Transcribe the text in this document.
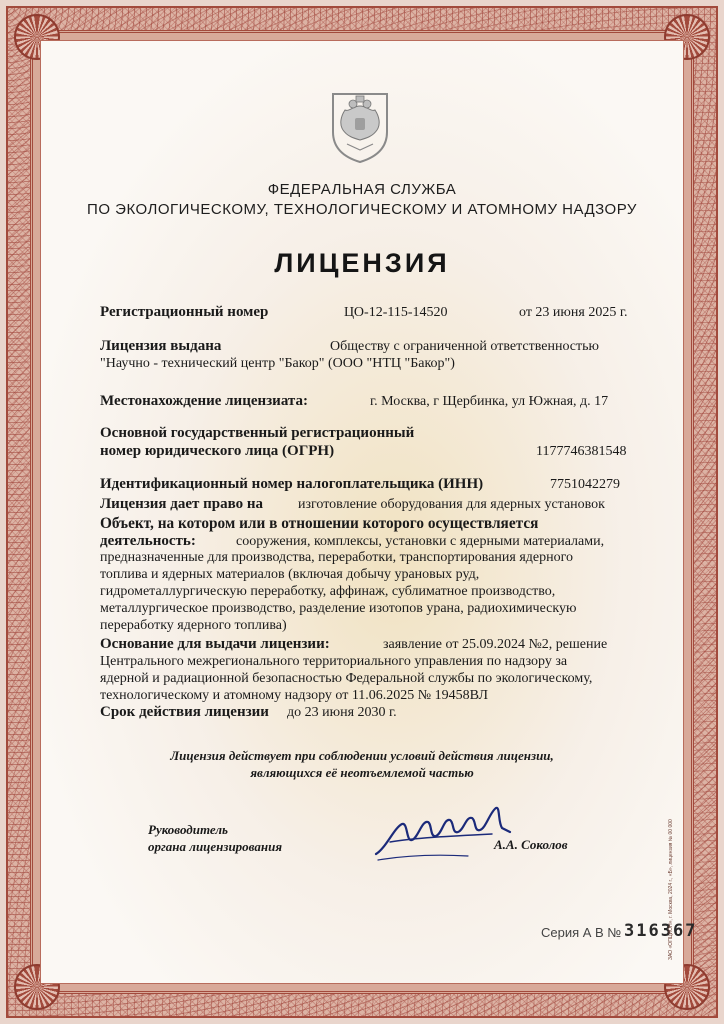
ФЕДЕРАЛЬНАЯ СЛУЖБА
ПО ЭКОЛОГИЧЕСКОМУ, ТЕХНОЛОГИЧЕСКОМУ И АТОМНОМУ НАДЗОРУ
ЛИЦЕНЗИЯ
Регистрационный номер	ЦО-12-115-14520	от 23 июня 2025 г.
Лицензия выдана	Обществу с ограниченной ответственностью
"Научно - технический центр "Бакор" (ООО "НТЦ "Бакор")
Местонахождение лицензиата:	г. Москва, г Щербинка, ул Южная, д. 17
Основной государственный регистрационный
номер юридического лица (ОГРН)	1177746381548
Идентификационный номер налогоплательщика (ИНН)	7751042279
Лицензия дает право на изготовление оборудования для ядерных установок
Объект, на котором или в отношении которого осуществляется
деятельность:	сооружения, комплексы, установки с ядерными материалами,
предназначенные для производства, переработки, транспортирования ядерного
топлива и ядерных материалов (включая добычу урановых руд,
гидрометаллургическую переработку, аффинаж, сублиматное производство,
металлургическое производство, разделение изотопов урана, радиохимическую
переработку ядерного топлива)
Основание для выдачи лицензии:	заявление от 25.09.2024 №2, решение
Центрального межрегионального территориального управления по надзору за
ядерной и радиационной безопасностью Федеральной службы по экологическому,
технологическому и атомному надзору от 11.06.2025 № 19458ВЛ
Срок действия лицензии до 23 июня 2030 г.
Лицензия действует при соблюдении условий действия лицензии,
являющихся её неотъемлемой частью
Руководитель
органа лицензирования	А.А. Соколов
Серия А В № 316367
ЗАО «ОПЦИОН», г. Москва, 2024 г., «Б», лицензия № 00 000
